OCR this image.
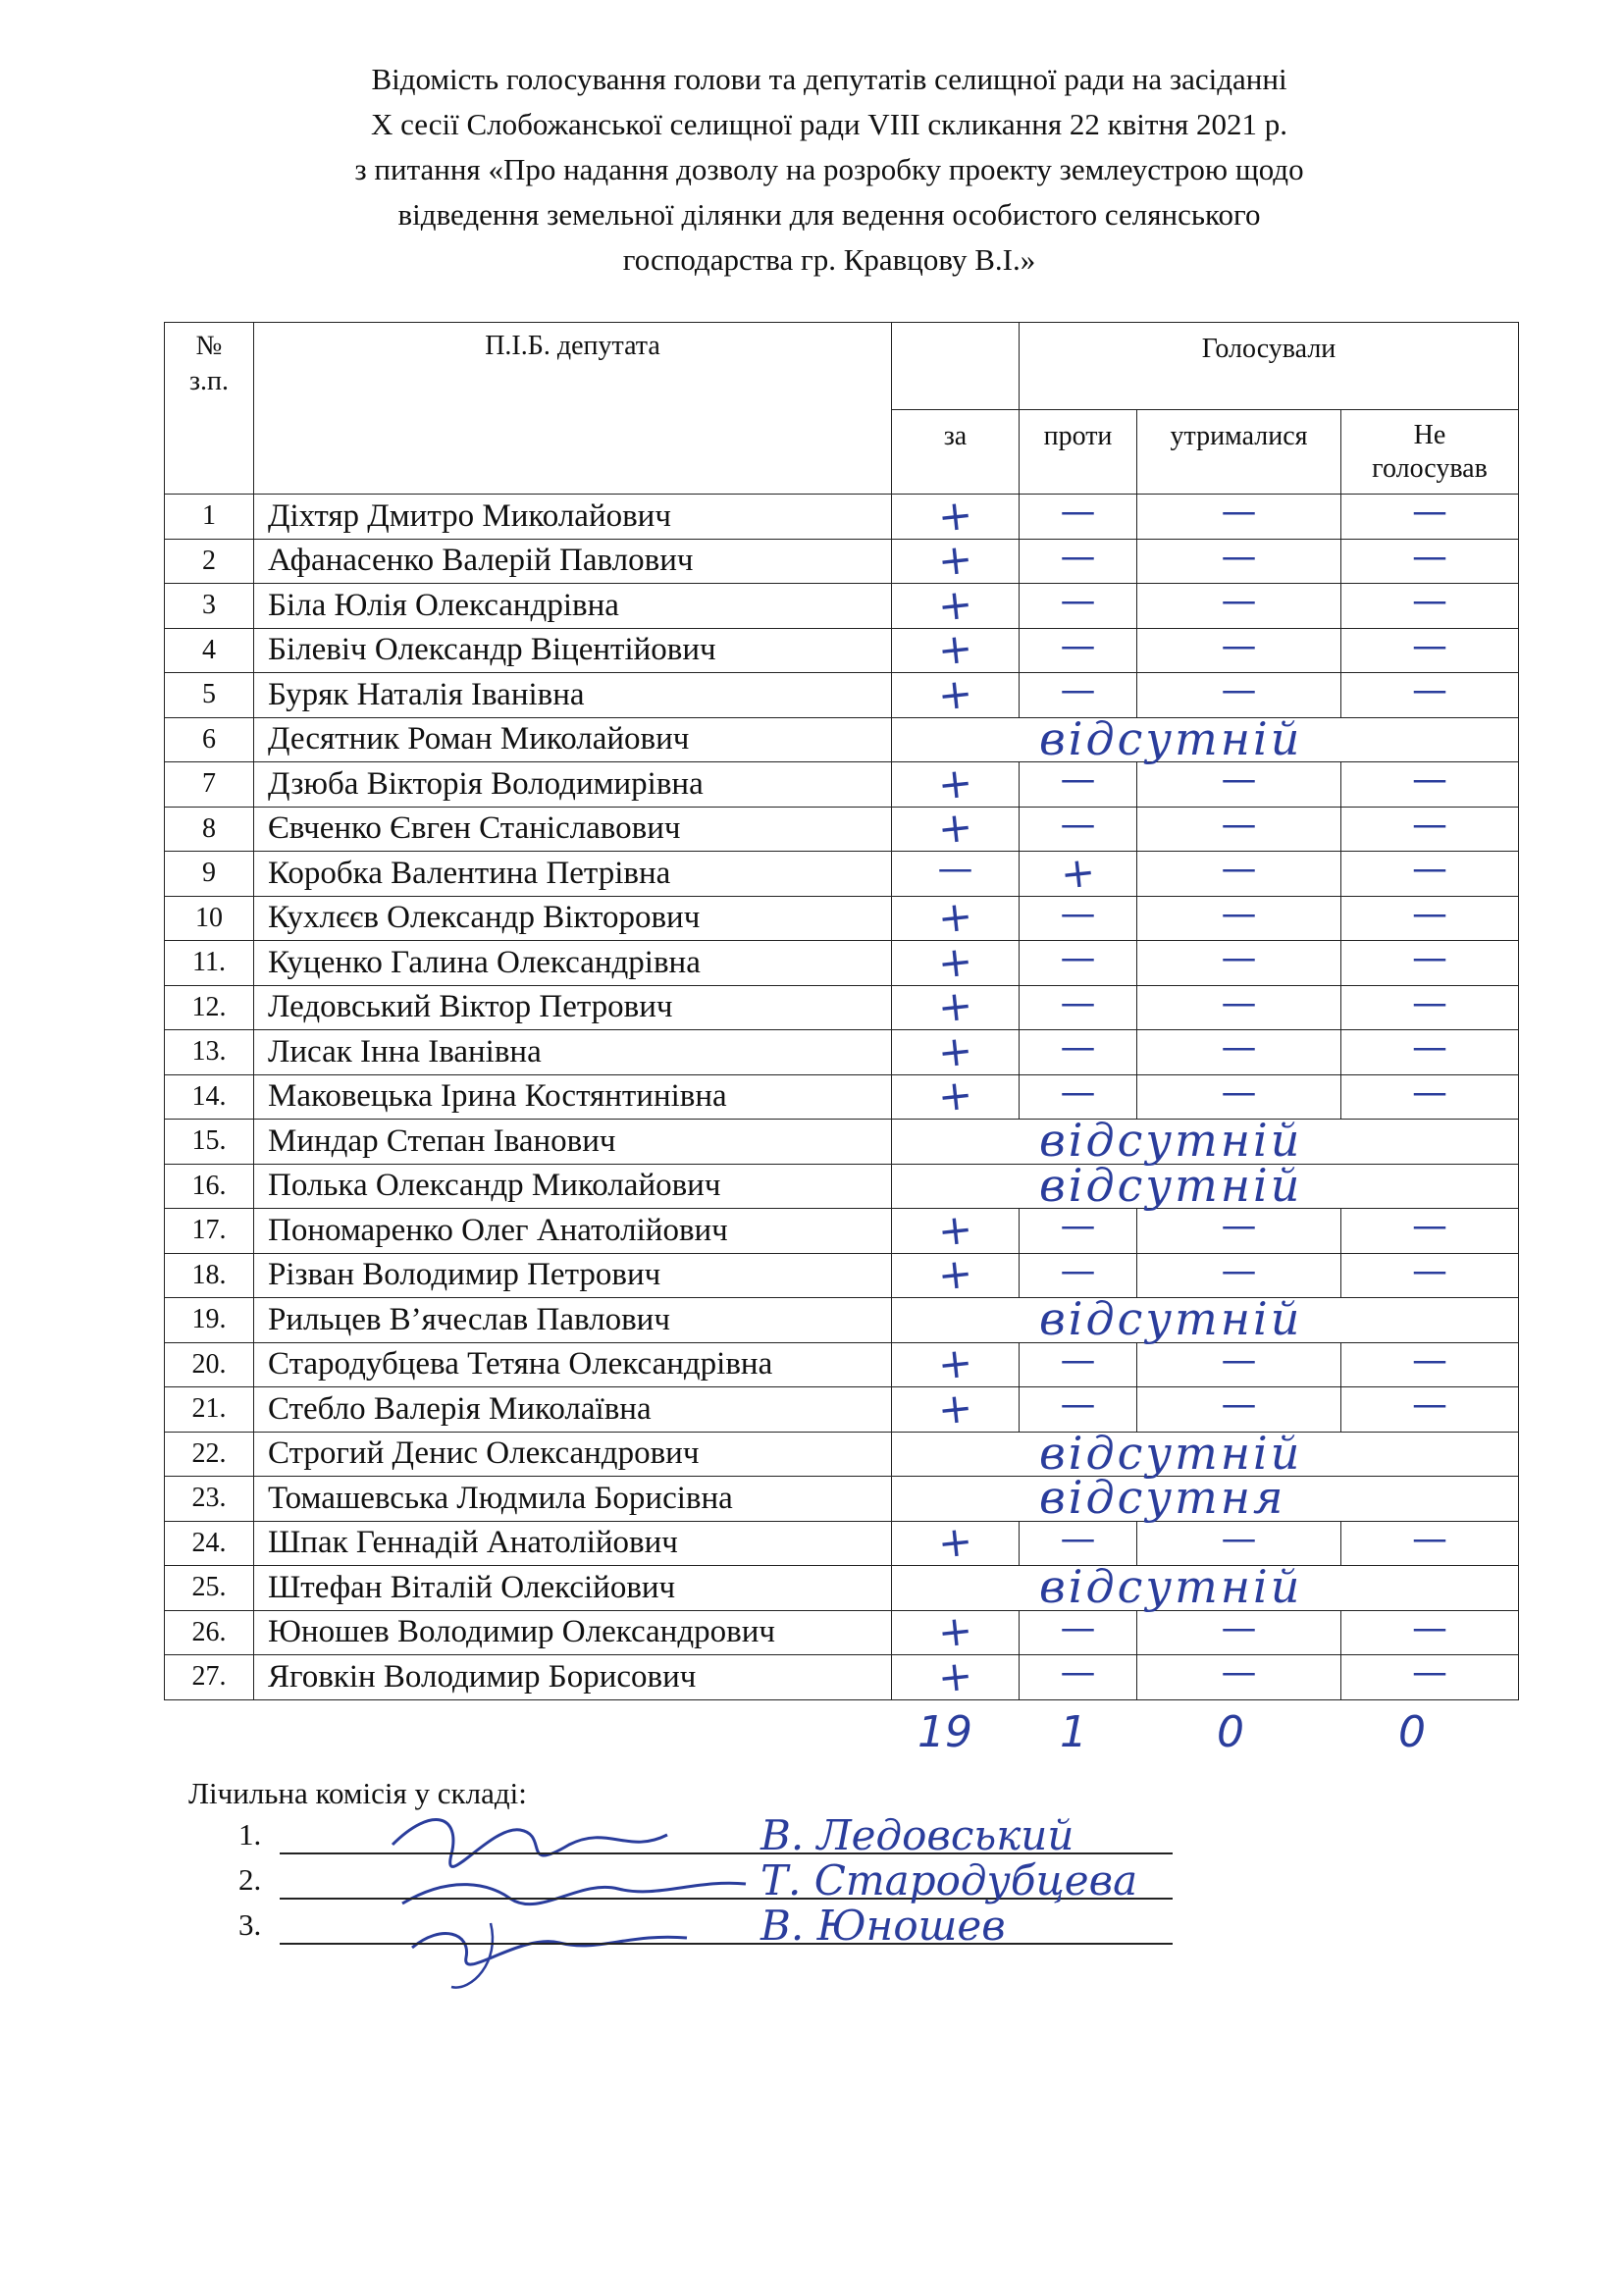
Відомість голосування голови та депутатів селищної ради на засіданні
Х сесії Слобожанської селищної ради VIIІ скликання 22 квітня 2021 р.
з питання «Про надання дозволу на розробку проекту землеустрою щодо
відведення земельної ділянки для ведення особистого селянського
господарства гр. Кравцову В.І.»
№
з.п.	П.І.Б. депутата		Голосували		
		за	проти	утрималися	Не
голосував

1	Діхтяр Дмитро Миколайович	+	—	—	—
2	Афанасенко Валерій Павлович	+	—	—	—
3	Біла Юлія Олександрівна	+	—	—	—
4	Білевіч Олександр Віцентійович	+	—	—	—
5	Буряк Наталія Іванівна	+	—	—	—
6	Десятник Роман Миколайович	відсутній			

7	Дзюба Вікторія Володимирівна	+	—	—	—
8	Євченко Євген Станіславович	+	—	—	—
9	Коробка Валентина Петрівна	—	+	—	—
10	Кухлєєв Олександр Вікторович	+	—	—	—
11.	Куценко Галина Олександрівна	+	—	—	—
12.	Ледовський Віктор Петрович	+	—	—	—
13.	Лисак Інна Іванівна	+	—	—	—
14.	Маковецька Ірина Костянтинівна	+	—	—	—
15.	Миндар Степан Іванович	відсутній			

16.	Полька Олександр Миколайович	відсутній			

17.	Пономаренко Олег Анатолійович	+	—	—	—
18.	Різван Володимир Петрович	+	—	—	—
19.	Рильцев В’ячеслав Павлович	відсутній			

20.	Стародубцева Тетяна Олександрівна	+	—	—	—
21.	Стебло Валерія Миколаївна	+	—	—	—
22.	Строгий Денис Олександрович	відсутній			

23.	Томашевська Людмила Борисівна	відсутня			

24.	Шпак Геннадій Анатолійович	+	—	—	—
25.	Штефан Віталій Олексійович	відсутній			

26.	Юношев Володимир Олександрович	+	—	—	—
27.	Яговкін Володимир Борисович	+	—	—	—
19 1	0	0
Лічильна комісія у складі:
1.	В. Ледовський
2.	Т. Стародубцева
3.	В. Юношев
